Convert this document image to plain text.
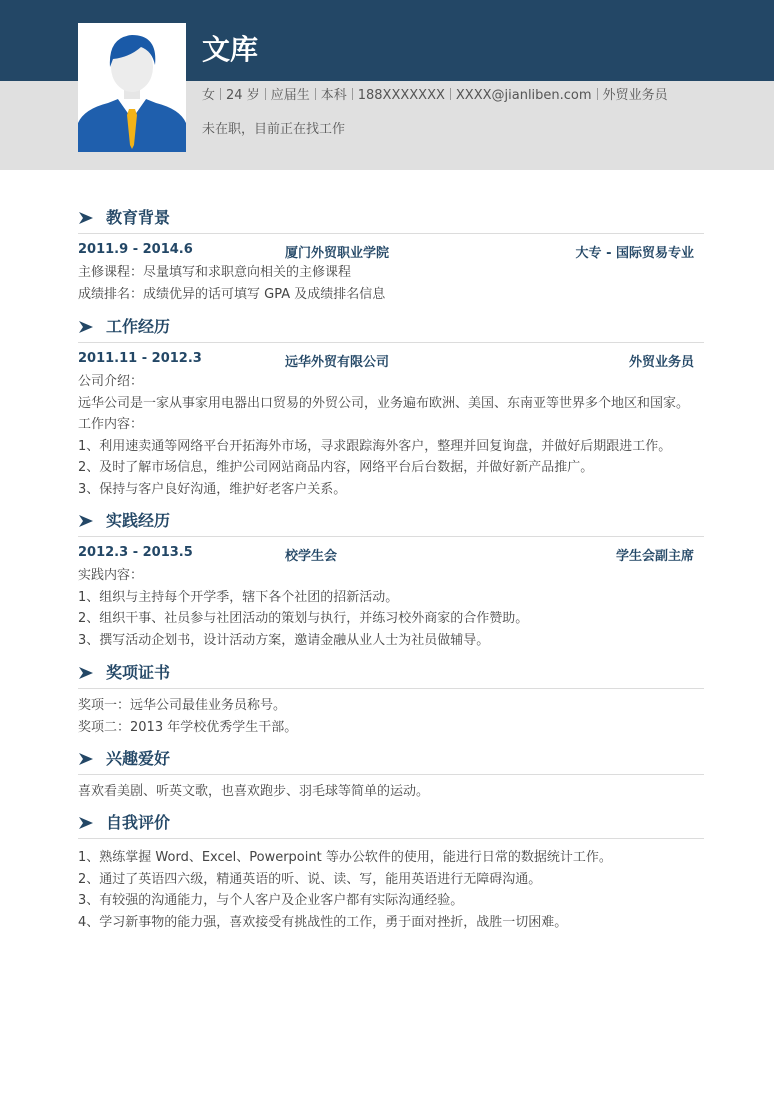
文库
女 24 岁 应届生 本科 188XXXXXXX XXXX@jianliben.com 外贸业务员
未在职，目前正在找工作
教育背景
2011.9 - 2014.6	厦门外贸职业学院	大专 - 国际贸易专业
主修课程：尽量填写和求职意向相关的主修课程
成绩排名：成绩优异的话可填写 GPA 及成绩排名信息
工作经历
2011.11 - 2012.3	远华外贸有限公司	外贸业务员
公司介绍：
远华公司是一家从事家用电器出口贸易的外贸公司，业务遍布欧洲、美国、东南亚等世界多个地区和国家。
工作内容：
1、利用速卖通等网络平台开拓海外市场，寻求跟踪海外客户，整理并回复询盘，并做好后期跟进工作。
2、及时了解市场信息，维护公司网站商品内容，网络平台后台数据，并做好新产品推广。
3、保持与客户良好沟通，维护好老客户关系。
实践经历
2012.3 - 2013.5	校学生会	学生会副主席
实践内容：
1、组织与主持每个开学季，辖下各个社团的招新活动。
2、组织干事、社员参与社团活动的策划与执行，并练习校外商家的合作赞助。
3、撰写活动企划书，设计活动方案，邀请金融从业人士为社员做辅导。
奖项证书
奖项一：远华公司最佳业务员称号。
奖项二：2013 年学校优秀学生干部。
兴趣爱好
喜欢看美剧、听英文歌，也喜欢跑步、羽毛球等简单的运动。
自我评价
1、熟练掌握 Word、Excel、Powerpoint 等办公软件的使用，能进行日常的数据统计工作。
2、通过了英语四六级，精通英语的听、说、读、写，能用英语进行无障碍沟通。
3、有较强的沟通能力，与个人客户及企业客户都有实际沟通经验。
4、学习新事物的能力强，喜欢接受有挑战性的工作，勇于面对挫折，战胜一切困难。
